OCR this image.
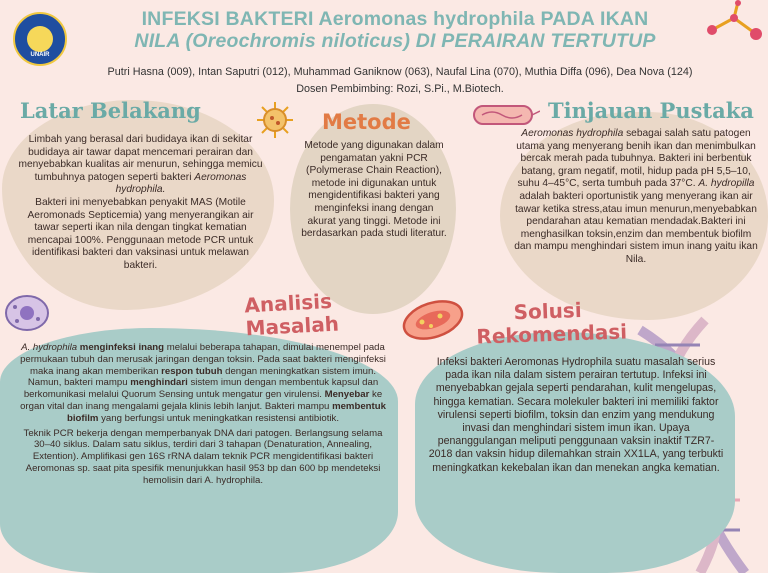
UNAIR
INFEKSI BAKTERI Aeromonas hydrophila PADA IKAN
NILA (Oreochromis niloticus) DI PERAIRAN TERTUTUP
Putri Hasna (009), Intan Saputri (012), Muhammad Ganiknow (063), Naufal Lina (070), Muthia Diffa (096), Dea Nova (124)
Dosen Pembimbing: Rozi, S.Pi., M.Biotech.
Latar Belakang

Limbah yang berasal dari budidaya ikan di sekitar budidaya air tawar dapat mencemari perairan dan menyebabkan kualitas air menurun, sehingga memicu tumbuhnya patogen seperti bakteri Aeromonas hydrophila.

Bakteri ini menyebabkan penyakit MAS (Motile Aeromonads Septicemia) yang menyerangikan air tawar seperti ikan nila dengan tingkat kematian mencapai 100%. Penggunaan metode PCR untuk identifikasi bakteri dan vaksinasi untuk melawan bakteri.

Metode
Metode yang digunakan dalam pengamatan yakni PCR (Polymerase Chain Reaction), metode ini digunakan untuk mengidentifikasi bakteri yang menginfeksi inang dengan akurat yang tinggi. Metode ini berdasarkan pada studi literatur.
Tinjauan Pustaka
Aeromonas hydrophila sebagai salah satu patogen utama yang menyerang benih ikan dan menimbulkan bercak merah pada tubuhnya. Bakteri ini berbentuk batang, gram negatif, motil, hidup pada pH 5,5–10, suhu 4–45°C, serta tumbuh pada 37°C. A. hydropilla adalah bakteri oportunistik yang menyerang ikan air tawar ketika stress,atau imun menurun,menyebabkan pendarahan atau kematian mendadak.Bakteri ini menghasilkan toksin,enzim dan membentuk biofilm dan mampu menghindari sistem imun inang yaitu ikan Nila.
Analisis
Masalah

A. hydrophila menginfeksi inang melalui beberapa tahapan, dimulai menempel pada permukaan tubuh dan merusak jaringan dengan toksin. Pada saat bakteri menginfeksi maka inang akan memberikan respon tubuh dengan meningkatkan sistem imun. Namun, bakteri mampu menghindari sistem imun dengan membentuk kapsul dan berkomunikasi melalui Quorum Sensing untuk mengatur gen virulensi. Menyebar ke organ vital dan inang mengalami gejala klinis lebih lanjut. Bakteri mampu membentuk biofilm yang berfungsi untuk meningkatkan resistensi antibiotik.

Teknik PCR bekerja dengan memperbanyak DNA dari patogen. Berlangsung selama 30–40 siklus. Dalam satu siklus, terdiri dari 3 tahapan (Denaturation, Annealing, Extention). Amplifikasi gen 16S rRNA dalam teknik PCR mengidentifikasi bakteri Aeromonas sp. saat pita spesifik menunjukkan hasil 953 bp dan 600 bp mendeteksi hemolisin dari A. hydrophila.

Solusi
Rekomendasi
Infeksi bakteri Aeromonas Hydrophila suatu masalah serius pada ikan nila dalam sistem perairan tertutup. Infeksi ini menyebabkan gejala seperti pendarahan, kulit mengelupas, hingga kematian. Secara molekuler bakteri ini memiliki faktor virulensi seperti biofilm, toksin dan enzim yang mendukung invasi dan menghindari sistem imun ikan. Upaya penanggulangan meliputi penggunaan vaksin inaktif TZR7-2018 dan vaksin hidup dilemahkan strain XX1LA, yang terbukti meningkatkan kekebalan ikan dan menekan angka kematian.
